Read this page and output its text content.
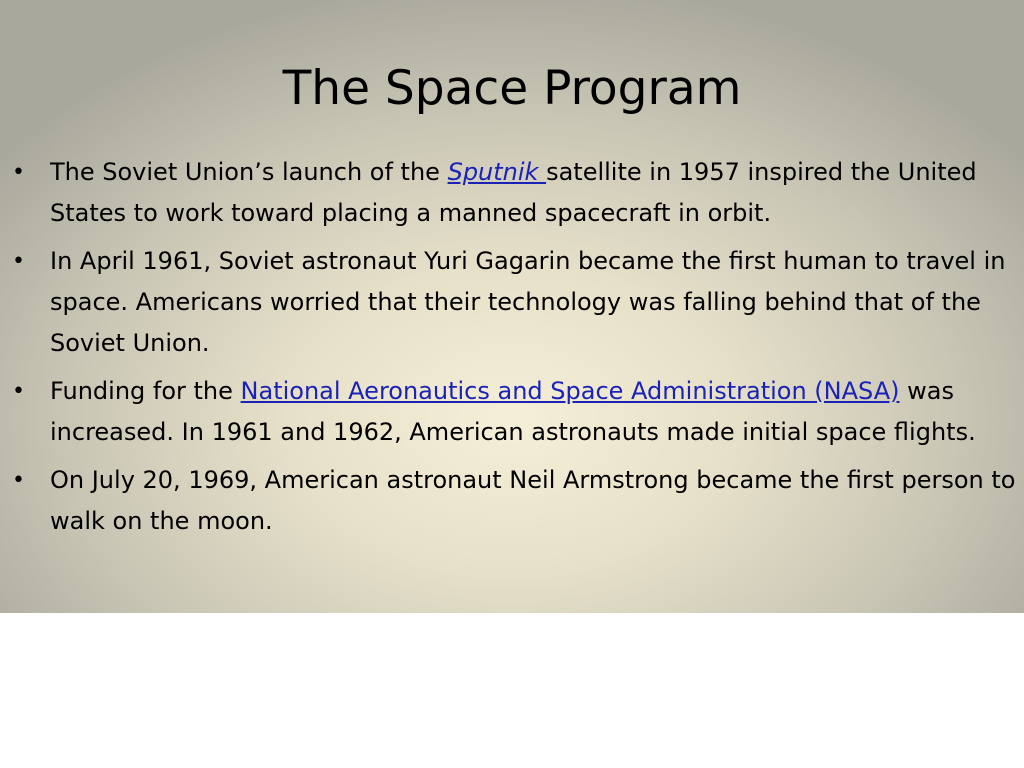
The Space Program
• The Soviet Union’s launch of the Sputnik satellite in 1957 inspired the United States to work toward placing a manned spacecraft in orbit.
• In April 1961, Soviet astronaut Yuri Gagarin became the first human to travel in space. Americans worried that their technology was falling behind that of the Soviet Union.
• Funding for the National Aeronautics and Space Administration (NASA) was increased. In 1961 and 1962, American astronauts made initial space flights.
• On July 20, 1969, American astronaut Neil Armstrong became the first person to walk on the moon.
